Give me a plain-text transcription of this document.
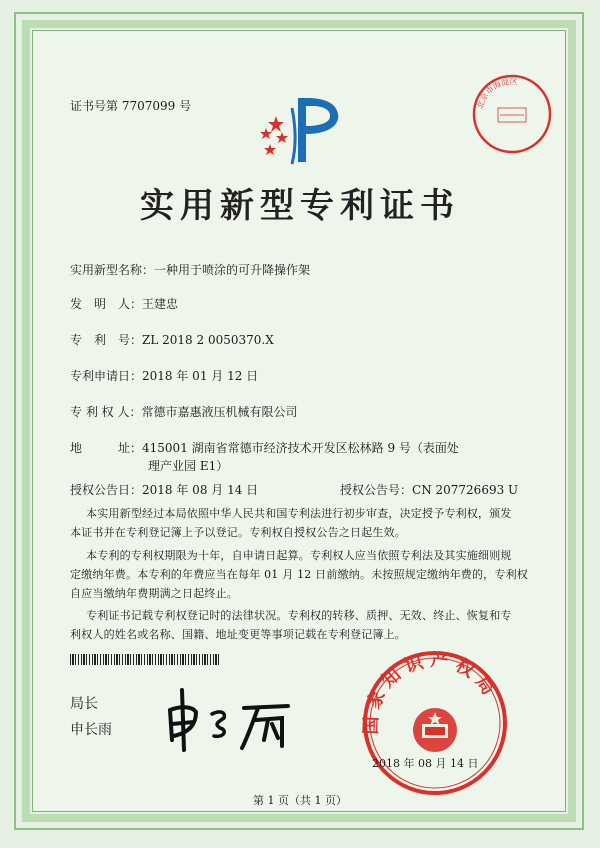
证书号第 7707099 号	北京市海淀区
实用新型专利证书
实用新型名称：一种用于喷涂的可升降操作架
发　明　人：王建忠
专　利　号：ZL 2018 2 0050370.X
专利申请日：2018 年 01 月 12 日
专 利 权 人：常德市嘉惠液压机械有限公司
地　　　址：415001 湖南省常德市经济技术开发区松林路 9 号（表面处
理产业园 E1）
授权公告日：2018 年 08 月 14 日	授权公告号：CN 207726693 U
本实用新型经过本局依照中华人民共和国专利法进行初步审查，决定授予专利权，颁发
本证书并在专利登记簿上予以登记。专利权自授权公告之日起生效。
本专利的专利权期限为十年，自申请日起算。专利权人应当依照专利法及其实施细则规
定缴纳年费。本专利的年费应当在每年 01 月 12 日前缴纳。未按照规定缴纳年费的，专利权
自应当缴纳年费期满之日起终止。
专利证书记载专利权登记时的法律状况。专利权的转移、质押、无效、终止、恢复和专
利权人的姓名或名称、国籍、地址变更等事项记载在专利登记簿上。
局长
申长雨	国家知识产权局
2018 年 08 月 14 日
第 1 页（共 1 页）
